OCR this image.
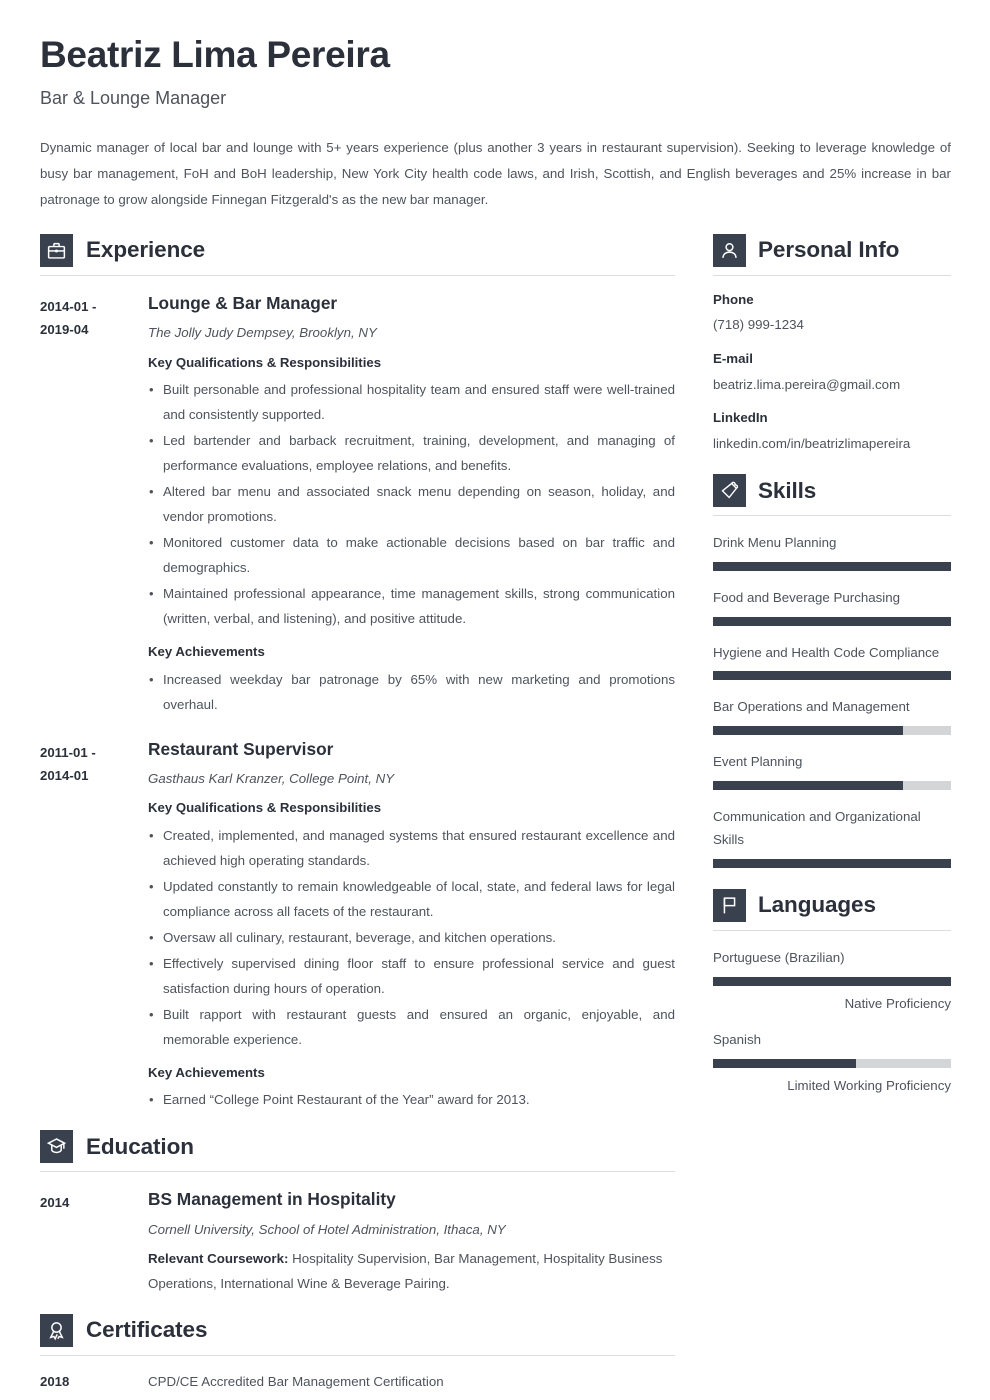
Beatriz Lima Pereira
Bar & Lounge Manager

Dynamic manager of local bar and lounge with 5+ years experience (plus another 3 years in restaurant supervision). Seeking to leverage knowledge of busy bar management, FoH and BoH leadership, New York City health code laws, and Irish, Scottish, and English beverages and 25% increase in bar patronage to grow alongside Finnegan Fitzgerald's as the new bar manager.

Experience
2014-01 -
2019-04
Lounge & Bar Manager
The Jolly Judy Dempsey, Brooklyn, NY
Key Qualifications & Responsibilities
• Built personable and professional hospitality team and ensured staff were well-trained and consistently supported.
• Led bartender and barback recruitment, training, development, and managing of performance evaluations, employee relations, and benefits.
• Altered bar menu and associated snack menu depending on season, holiday, and vendor promotions.
• Monitored customer data to make actionable decisions based on bar traffic and demographics.
• Maintained professional appearance, time management skills, strong communication (written, verbal, and listening), and positive attitude.
Key Achievements
• Increased weekday bar patronage by 65% with new marketing and promotions overhaul.
2011-01 -
2014-01
Restaurant Supervisor
Gasthaus Karl Kranzer, College Point, NY
Key Qualifications & Responsibilities
• Created, implemented, and managed systems that ensured restaurant excellence and achieved high operating standards.
• Updated constantly to remain knowledgeable of local, state, and federal laws for legal compliance across all facets of the restaurant.
• Oversaw all culinary, restaurant, beverage, and kitchen operations.
• Effectively supervised dining floor staff to ensure professional service and guest satisfaction during hours of operation.
• Built rapport with restaurant guests and ensured an organic, enjoyable, and memorable experience.
Key Achievements
• Earned “College Point Restaurant of the Year” award for 2013.
Education
2014	BS Management in Hospitality
Cornell University, School of Hotel Administration, Ithaca, NY
Relevant Coursework: Hospitality Supervision, Bar Management, Hospitality Business Operations, International Wine & Beverage Pairing.
Certificates
2018	CPD/CE Accredited Bar Management Certification
Personal Info
Phone
(718) 999-1234
E-mail
beatriz.lima.pereira@gmail.com
LinkedIn
linkedin.com/in/beatrizlimapereira
Skills
Drink Menu Planning
Food and Beverage Purchasing
Hygiene and Health Code Compliance
Bar Operations and Management
Event Planning
Communication and Organizational Skills
Languages
Portuguese (Brazilian)
Native Proficiency
Spanish
Limited Working Proficiency
